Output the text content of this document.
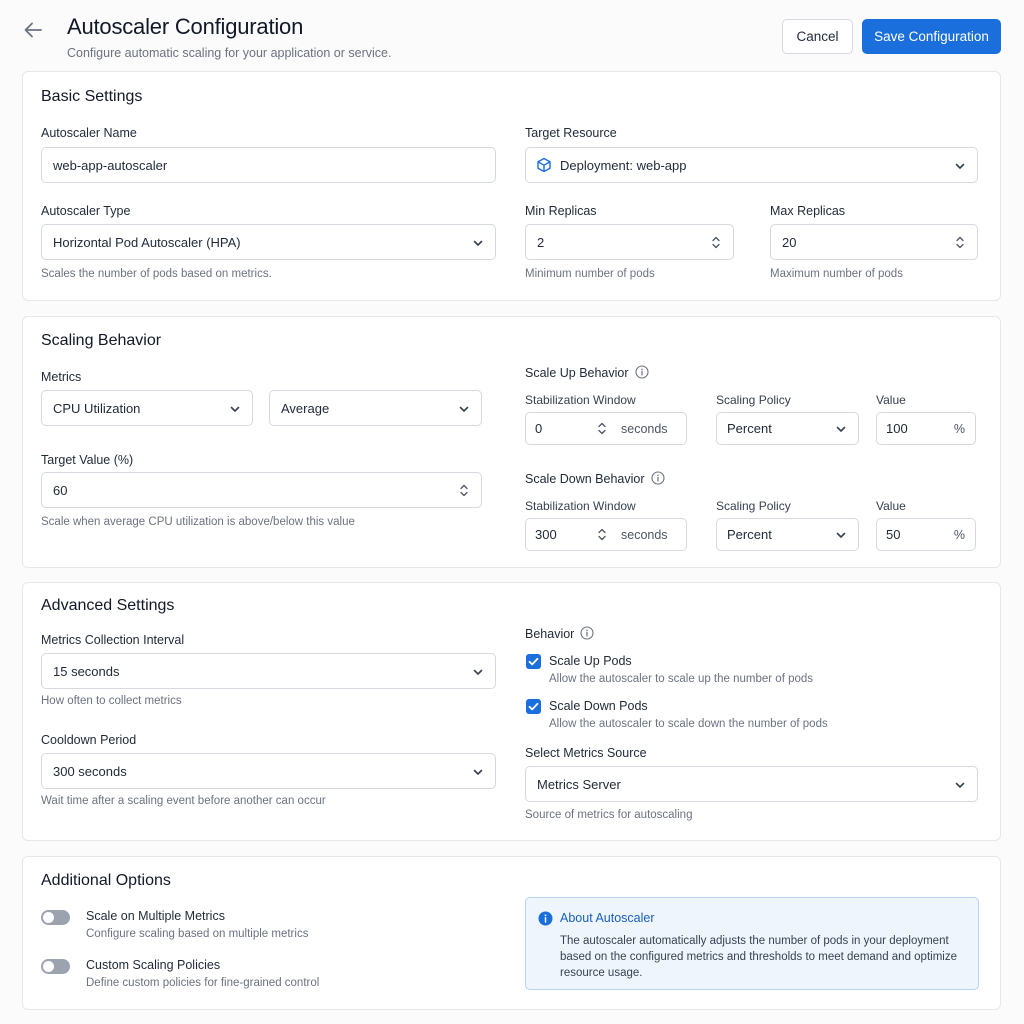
Autoscaler Configuration
Configure automatic scaling for your application or service.
Cancel	Save Configuration
Basic Settings
Autoscaler Name
web-app-autoscaler
Target Resource
Deployment: web-app
Autoscaler Type
Horizontal Pod Autoscaler (HPA)
Scales the number of pods based on metrics.
Min Replicas
2
Minimum number of pods
Max Replicas
20
Maximum number of pods
Scaling Behavior
Metrics
CPU Utilization	Average
Target Value (%)
60
Scale when average CPU utilization is above/below this value
Scale Up Behavior
Stabilization Window
0	seconds
Scaling Policy
Percent
Value
100	%
Scale Down Behavior
Stabilization Window
300	seconds
Scaling Policy
Percent
Value
50	%
Advanced Settings
Metrics Collection Interval
15 seconds
How often to collect metrics
Cooldown Period
300 seconds
Wait time after a scaling event before another can occur
Behavior
Scale Up Pods
Allow the autoscaler to scale up the number of pods
Scale Down Pods
Allow the autoscaler to scale down the number of pods
Select Metrics Source
Metrics Server
Source of metrics for autoscaling
Additional Options
Scale on Multiple Metrics
Configure scaling based on multiple metrics
Custom Scaling Policies
Define custom policies for fine-grained control
About Autoscaler
The autoscaler automatically adjusts the number of pods in your deployment based on the configured metrics and thresholds to meet demand and optimize resource usage.
